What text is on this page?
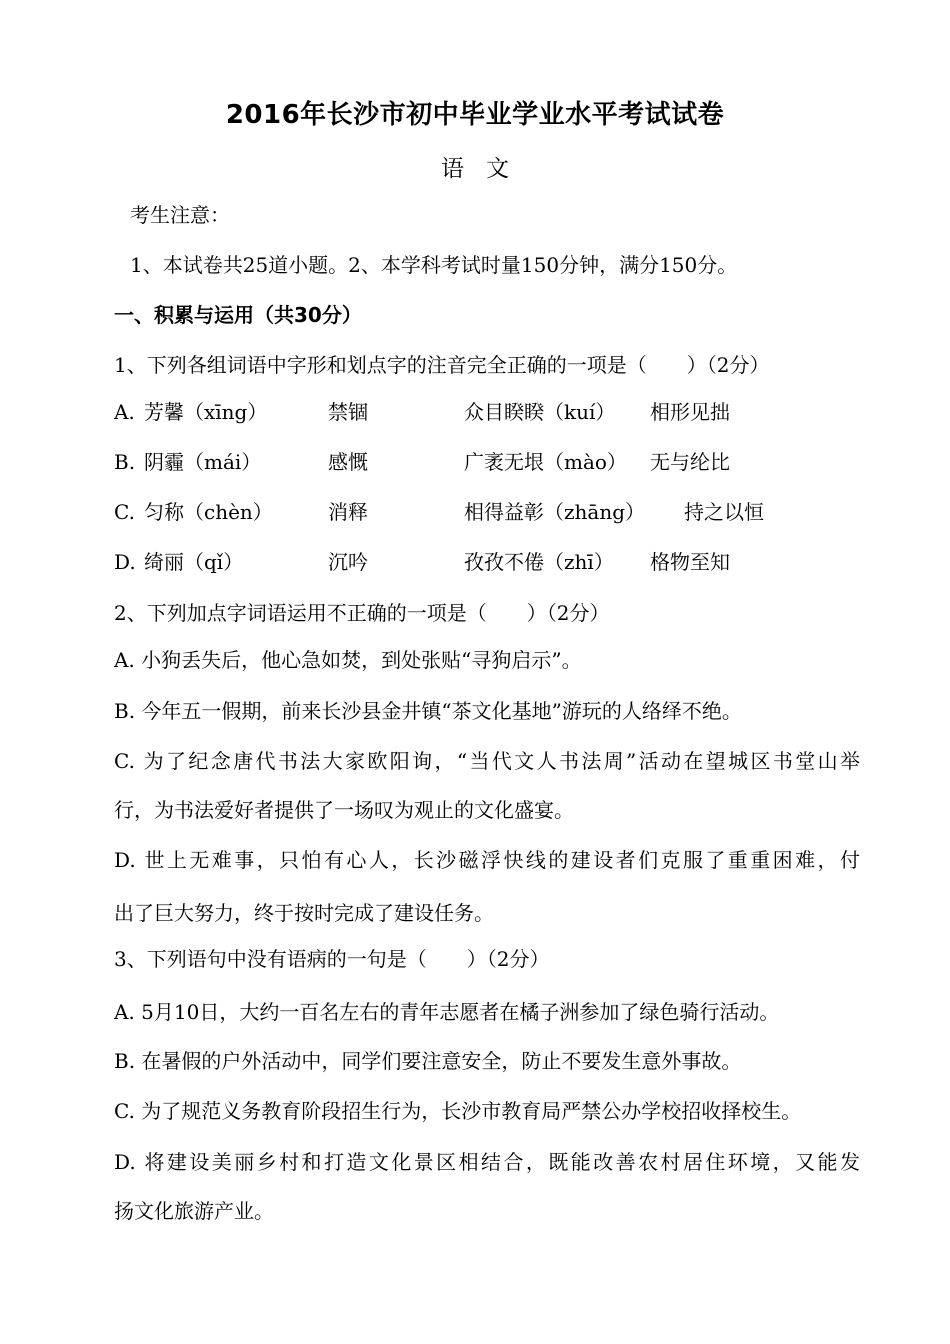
2016年长沙市初中毕业学业水平考试试卷
语文
考生注意：
1、本试卷共25道小题。2、本学科考试时量150分钟，满分150分。
一、积累与运用（共30分）
1、下列各组词语中字形和划点字的注音完全正确的一项是（　　）（2分）
A. 芳馨（xīng）	禁锢	众目睽睽（kuí） 相形见拙
B. 阴霾（mái）	感慨	广袤无垠（mào） 无与纶比
C. 匀称（chèn）	消释	相得益彰（zhāng） 持之以恒
D. 绮丽（qǐ）	沉吟	孜孜不倦（zhī） 格物至知
2、下列加点字词语运用不正确的一项是（　　）（2分）
A. 小狗丢失后，他心急如焚，到处张贴“寻狗启示”。
B. 今年五一假期，前来长沙县金井镇“茶文化基地”游玩的人络绎不绝。
C. 为了纪念唐代书法大家欧阳询，“当代文人书法周”活动在望城区书堂山举
行，为书法爱好者提供了一场叹为观止的文化盛宴。
D. 世上无难事，只怕有心人，长沙磁浮快线的建设者们克服了重重困难，付
出了巨大努力，终于按时完成了建设任务。
3、下列语句中没有语病的一句是（　　）（2分）
A. 5月10日，大约一百名左右的青年志愿者在橘子洲参加了绿色骑行活动。
B. 在暑假的户外活动中，同学们要注意安全，防止不要发生意外事故。
C. 为了规范义务教育阶段招生行为，长沙市教育局严禁公办学校招收择校生。
D. 将建设美丽乡村和打造文化景区相结合，既能改善农村居住环境，又能发
扬文化旅游产业。
